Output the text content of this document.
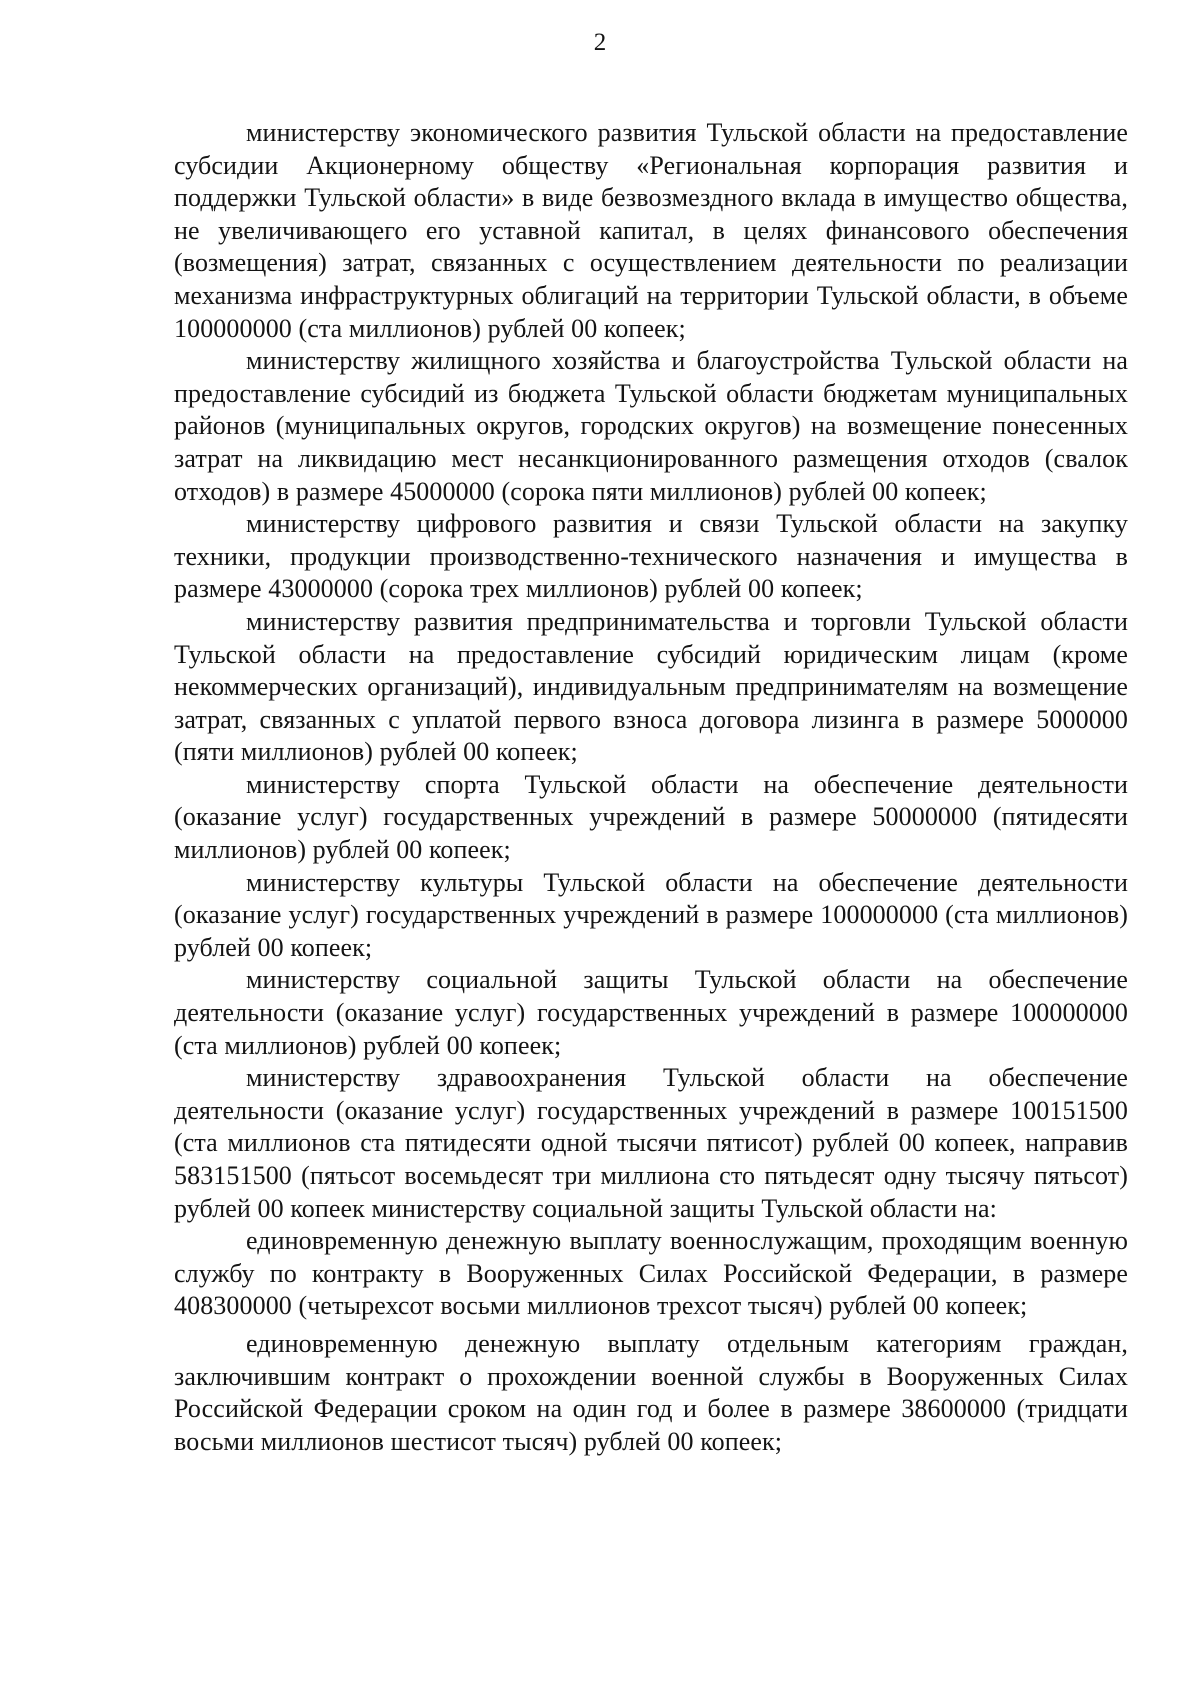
2

министерству экономического развития Тульской области на предоставление субсидии Акционерному обществу «Региональная корпорация развития и поддержки Тульской области» в виде безвозмездного вклада в имущество общества, не увеличивающего его уставной капитал, в целях финансового обеспечения (возмещения) затрат, связанных с осуществлением деятельности по реализации механизма инфраструктурных облигаций на территории Тульской области, в объеме 100000000 (ста миллионов) рублей 00 копеек;

министерству жилищного хозяйства и благоустройства Тульской области на предоставление субсидий из бюджета Тульской области бюджетам муниципальных районов (муниципальных округов, городских округов) на возмещение понесенных затрат на ликвидацию мест несанкционированного размещения отходов (свалок отходов) в размере 45000000 (сорока пяти миллионов) рублей 00 копеек;

министерству цифрового развития и связи Тульской области на закупку техники, продукции производственно-технического назначения и имущества в размере 43000000 (сорока трех миллионов) рублей 00 копеек;

министерству развития предпринимательства и торговли Тульской области Тульской области на предоставление субсидий юридическим лицам (кроме некоммерческих организаций), индивидуальным предпринимателям на возмещение затрат, связанных с уплатой первого взноса договора лизинга в размере 5000000 (пяти миллионов) рублей 00 копеек;

министерству спорта Тульской области на обеспечение деятельности (оказание услуг) государственных учреждений в размере 50000000 (пятидесяти миллионов) рублей 00 копеек;

министерству культуры Тульской области на обеспечение деятельности (оказание услуг) государственных учреждений в размере 100000000 (ста миллионов) рублей 00 копеек;

министерству социальной защиты Тульской области на обеспечение деятельности (оказание услуг) государственных учреждений в размере 100000000 (ста миллионов) рублей 00 копеек;

министерству здравоохранения Тульской области на обеспечение деятельности (оказание услуг) государственных учреждений в размере 100151500 (ста миллионов ста пятидесяти одной тысячи пятисот) рублей 00 копеек, направив 583151500 (пятьсот восемьдесят три миллиона сто пятьдесят одну тысячу пятьсот) рублей 00 копеек министерству социальной защиты Тульской области на:

единовременную денежную выплату военнослужащим, проходящим военную службу по контракту в Вооруженных Силах Российской Федерации, в размере 408300000 (четырехсот восьми миллионов трехсот тысяч) рублей 00 копеек;

единовременную денежную выплату отдельным категориям граждан, заключившим контракт о прохождении военной службы в Вооруженных Силах Российской Федерации сроком на один год и более в размере 38600000 (тридцати восьми миллионов шестисот тысяч) рублей 00 копеек;
